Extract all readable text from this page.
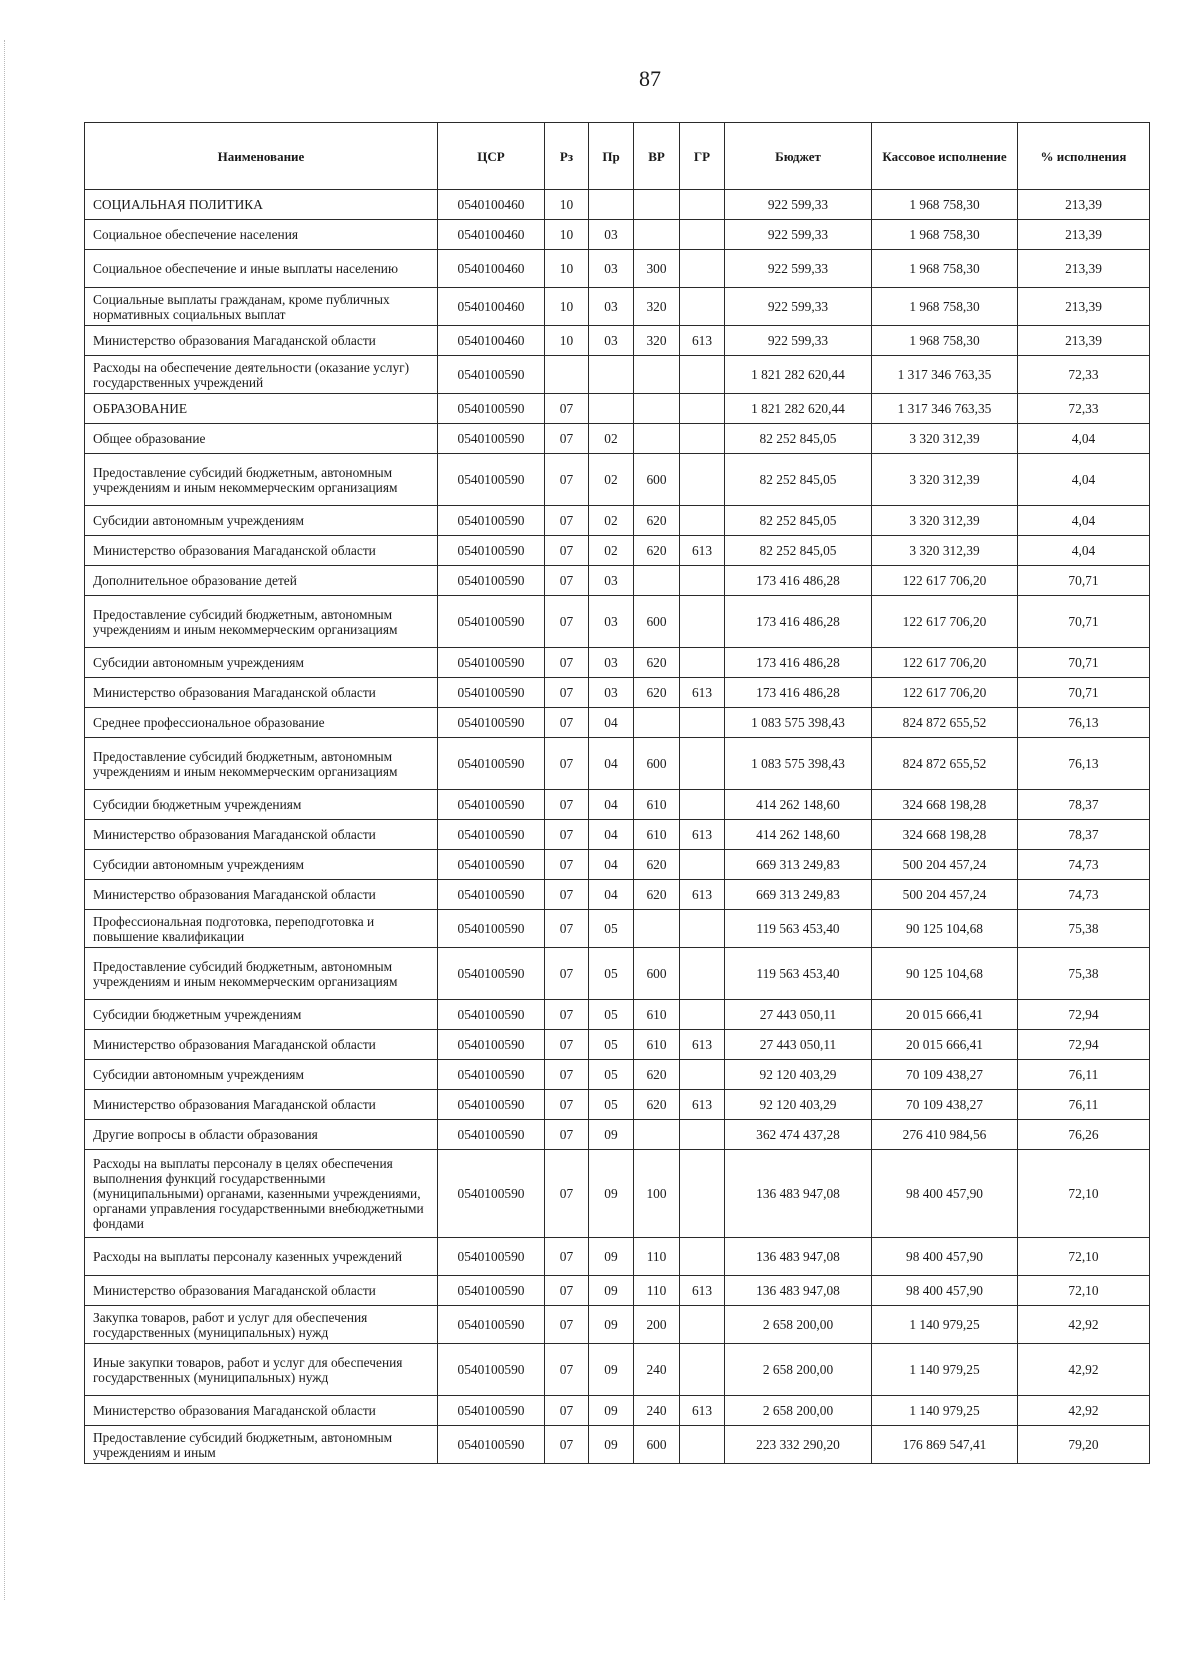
87
Наименование	ЦСР	Рз	Пр	ВР	ГР	Бюджет	Кассовое исполнение	% исполнения
СОЦИАЛЬНАЯ ПОЛИТИКА	0540100460	10				922 599,33	1 968 758,30	213,39
Социальное обеспечение населения	0540100460	10	03			922 599,33	1 968 758,30	213,39
Социальное обеспечение и иные выплаты населению	0540100460	10	03	300		922 599,33	1 968 758,30	213,39
Социальные выплаты гражданам, кроме публичных нормативных социальных выплат	0540100460	10	03	320		922 599,33	1 968 758,30	213,39
Министерство образования Магаданской области	0540100460	10	03	320	613	922 599,33	1 968 758,30	213,39
Расходы на обеспечение деятельности (оказание услуг) государственных учреждений	0540100590					1 821 282 620,44	1 317 346 763,35	72,33
ОБРАЗОВАНИЕ	0540100590	07				1 821 282 620,44	1 317 346 763,35	72,33
Общее образование	0540100590	07	02			82 252 845,05	3 320 312,39	4,04
Предоставление субсидий бюджетным, автономным учреждениям и иным некоммерческим организациям	0540100590	07	02	600		82 252 845,05	3 320 312,39	4,04
Субсидии автономным учреждениям	0540100590	07	02	620		82 252 845,05	3 320 312,39	4,04
Министерство образования Магаданской области	0540100590	07	02	620	613	82 252 845,05	3 320 312,39	4,04
Дополнительное образование детей	0540100590	07	03			173 416 486,28	122 617 706,20	70,71
Предоставление субсидий бюджетным, автономным учреждениям и иным некоммерческим организациям	0540100590	07	03	600		173 416 486,28	122 617 706,20	70,71
Субсидии автономным учреждениям	0540100590	07	03	620		173 416 486,28	122 617 706,20	70,71
Министерство образования Магаданской области	0540100590	07	03	620	613	173 416 486,28	122 617 706,20	70,71
Среднее профессиональное образование	0540100590	07	04			1 083 575 398,43	824 872 655,52	76,13
Предоставление субсидий бюджетным, автономным учреждениям и иным некоммерческим организациям	0540100590	07	04	600		1 083 575 398,43	824 872 655,52	76,13
Субсидии бюджетным учреждениям	0540100590	07	04	610		414 262 148,60	324 668 198,28	78,37
Министерство образования Магаданской области	0540100590	07	04	610	613	414 262 148,60	324 668 198,28	78,37
Субсидии автономным учреждениям	0540100590	07	04	620		669 313 249,83	500 204 457,24	74,73
Министерство образования Магаданской области	0540100590	07	04	620	613	669 313 249,83	500 204 457,24	74,73
Профессиональная подготовка, переподготовка и повышение квалификации	0540100590	07	05			119 563 453,40	90 125 104,68	75,38
Предоставление субсидий бюджетным, автономным учреждениям и иным некоммерческим организациям	0540100590	07	05	600		119 563 453,40	90 125 104,68	75,38
Субсидии бюджетным учреждениям	0540100590	07	05	610		27 443 050,11	20 015 666,41	72,94
Министерство образования Магаданской области	0540100590	07	05	610	613	27 443 050,11	20 015 666,41	72,94
Субсидии автономным учреждениям	0540100590	07	05	620		92 120 403,29	70 109 438,27	76,11
Министерство образования Магаданской области	0540100590	07	05	620	613	92 120 403,29	70 109 438,27	76,11
Другие вопросы в области образования	0540100590	07	09			362 474 437,28	276 410 984,56	76,26
Расходы на выплаты персоналу в целях обеспечения выполнения функций государственными (муниципальными) органами, казенными учреждениями, органами управления государственными внебюджетными фондами	0540100590	07	09	100		136 483 947,08	98 400 457,90	72,10
Расходы на выплаты персоналу казенных учреждений	0540100590	07	09	110		136 483 947,08	98 400 457,90	72,10
Министерство образования Магаданской области	0540100590	07	09	110	613	136 483 947,08	98 400 457,90	72,10
Закупка товаров, работ и услуг для обеспечения государственных (муниципальных) нужд	0540100590	07	09	200		2 658 200,00	1 140 979,25	42,92
Иные закупки товаров, работ и услуг для обеспечения государственных (муниципальных) нужд	0540100590	07	09	240		2 658 200,00	1 140 979,25	42,92
Министерство образования Магаданской области	0540100590	07	09	240	613	2 658 200,00	1 140 979,25	42,92
Предоставление субсидий бюджетным, автономным учреждениям и иным	0540100590	07	09	600		223 332 290,20	176 869 547,41	79,20
